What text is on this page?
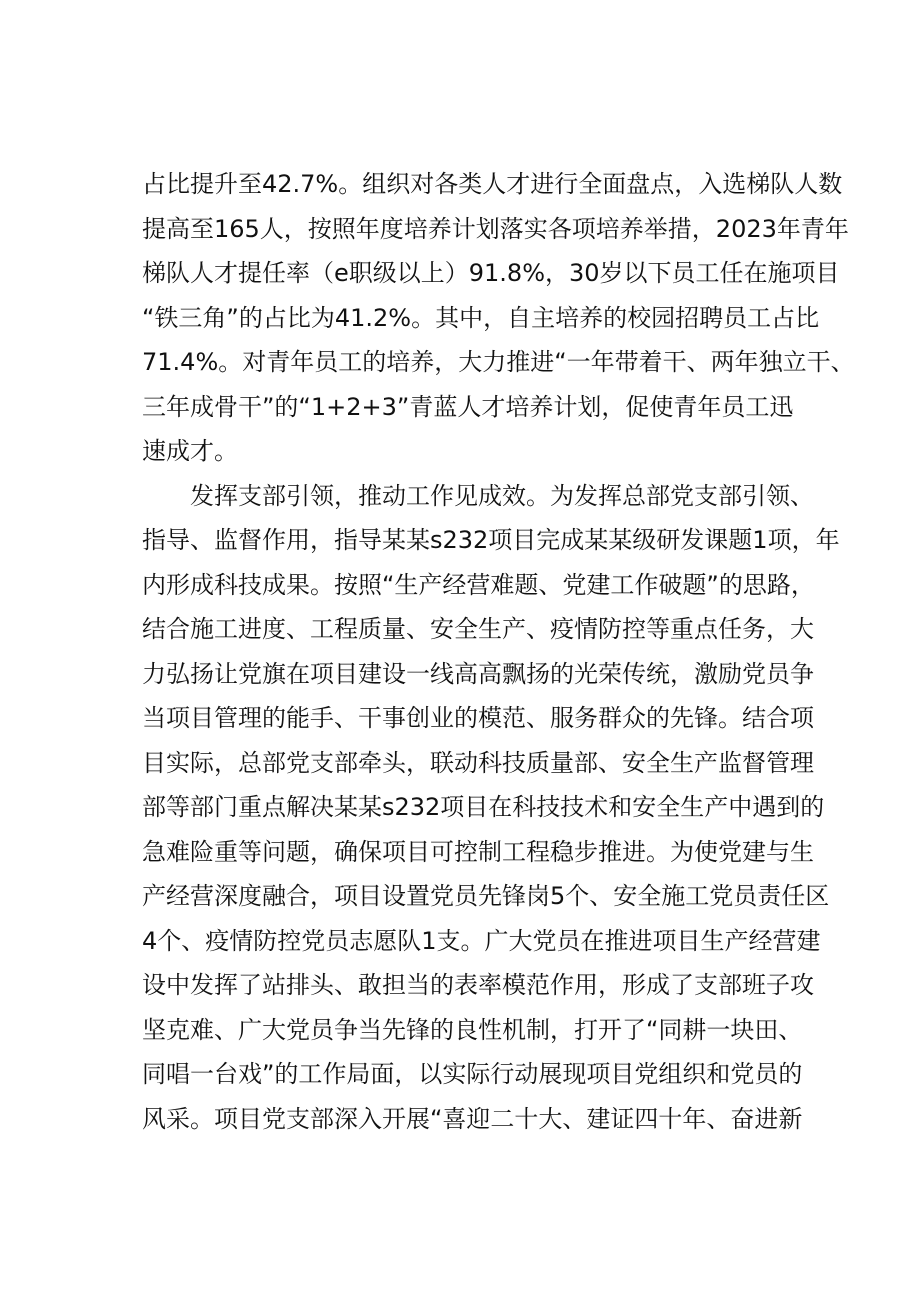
占比提升至42.7%。组织对各类人才进行全面盘点，入选梯队人数
提高至165人，按照年度培养计划落实各项培养举措，2023年青年
梯队人才提任率（e职级以上）91.8%，30岁以下员工任在施项目
“铁三角”的占比为41.2%。其中，自主培养的校园招聘员工占比
71.4%。对青年员工的培养，大力推进“一年带着干、两年独立干、
三年成骨干”的“1+2+3”青蓝人才培养计划，促使青年员工迅
速成才。
发挥支部引领，推动工作见成效。为发挥总部党支部引领、
指导、监督作用，指导某某s232项目完成某某级研发课题1项，年
内形成科技成果。按照“生产经营难题、党建工作破题”的思路，
结合施工进度、工程质量、安全生产、疫情防控等重点任务，大
力弘扬让党旗在项目建设一线高高飘扬的光荣传统，激励党员争
当项目管理的能手、干事创业的模范、服务群众的先锋。结合项
目实际，总部党支部牵头，联动科技质量部、安全生产监督管理
部等部门重点解决某某s232项目在科技技术和安全生产中遇到的
急难险重等问题，确保项目可控制工程稳步推进。为使党建与生
产经营深度融合，项目设置党员先锋岗5个、安全施工党员责任区
4个、疫情防控党员志愿队1支。广大党员在推进项目生产经营建
设中发挥了站排头、敢担当的表率模范作用，形成了支部班子攻
坚克难、广大党员争当先锋的良性机制，打开了“同耕一块田、
同唱一台戏”的工作局面，以实际行动展现项目党组织和党员的
风采。项目党支部深入开展“喜迎二十大、建证四十年、奋进新
